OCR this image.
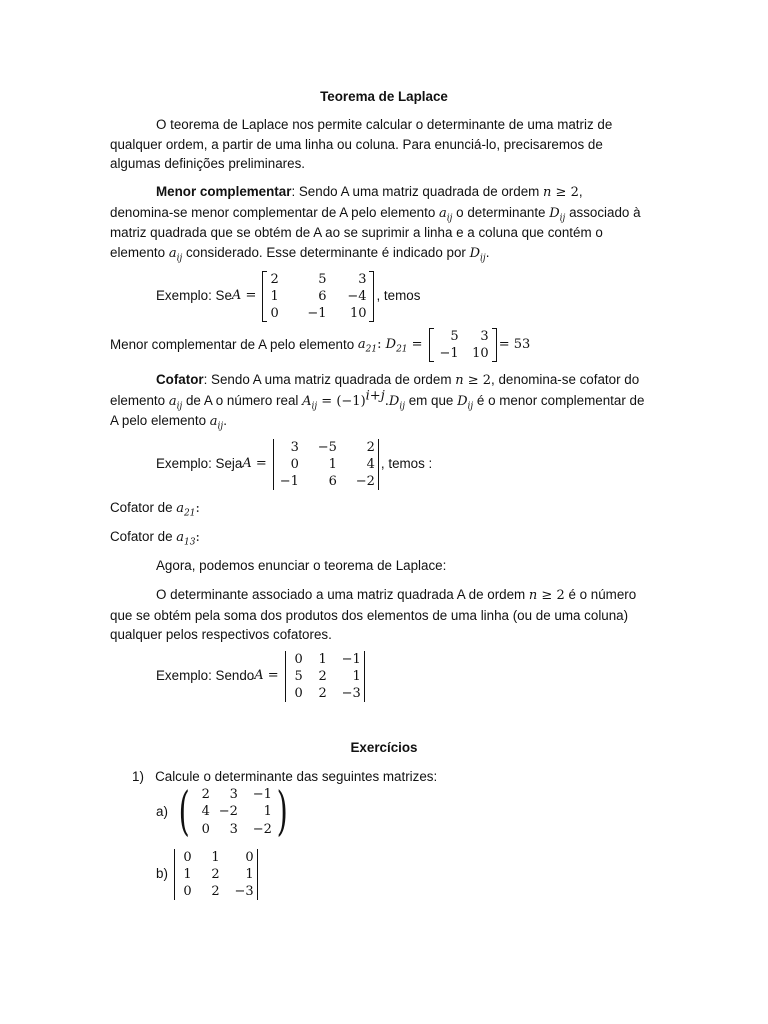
Teorema de Laplace
O teorema de Laplace nos permite calcular o determinante de uma matriz de qualquer ordem, a partir de uma linha ou coluna. Para enunciá-lo, precisaremos de algumas definições preliminares.
Menor complementar: Sendo A uma matriz quadrada de ordem n ≥ 2, denomina-se menor complementar de A pelo elemento $a_{ij}$ o determinante $D_{ij}$ associado à matriz quadrada que se obtém de A ao se suprimir a linha e a coluna que contém o elemento $a_{ij}$ considerado. Esse determinante é indicado por $D_{ij}$.
Exemplo: Se A =
2	5	3
1	6	−4
0	−1	10
, temos
Menor complementar de A pelo elemento
$a_{21}$ : $D_{21}$ =
5	3
−1	10
= 53
Cofator: Sendo A uma matriz quadrada de ordem n ≥ 2, denomina-se cofator do elemento $a_{ij}$ de A o número real $A_{ij} = (-1)^{i+j}.D_{ij}$ em que $D_{ij}$ é o menor complementar de A pelo elemento $a_{ij}$.
Exemplo: Seja A =
3	−5	2
0	1	4
−1	6	−2
, temos :
Cofator de $a_{21}$:
Cofator de $a_{13}$:
Agora, podemos enunciar o teorema de Laplace:
O determinante associado a uma matriz quadrada A de ordem n ≥ 2 é o número que se obtém pela soma dos produtos dos elementos de uma linha (ou de uma coluna) qualquer pelos respectivos cofatores.
Exemplo: Sendo A =
0	1	−1
5	2	1
0	2	−3
Exercícios
1) Calcule o determinante das seguintes matrizes:
a)
( 2	3	−1
4 −2	1
0	3	−2 )
b)

0	1	0
1	2	1
0	2	−3
